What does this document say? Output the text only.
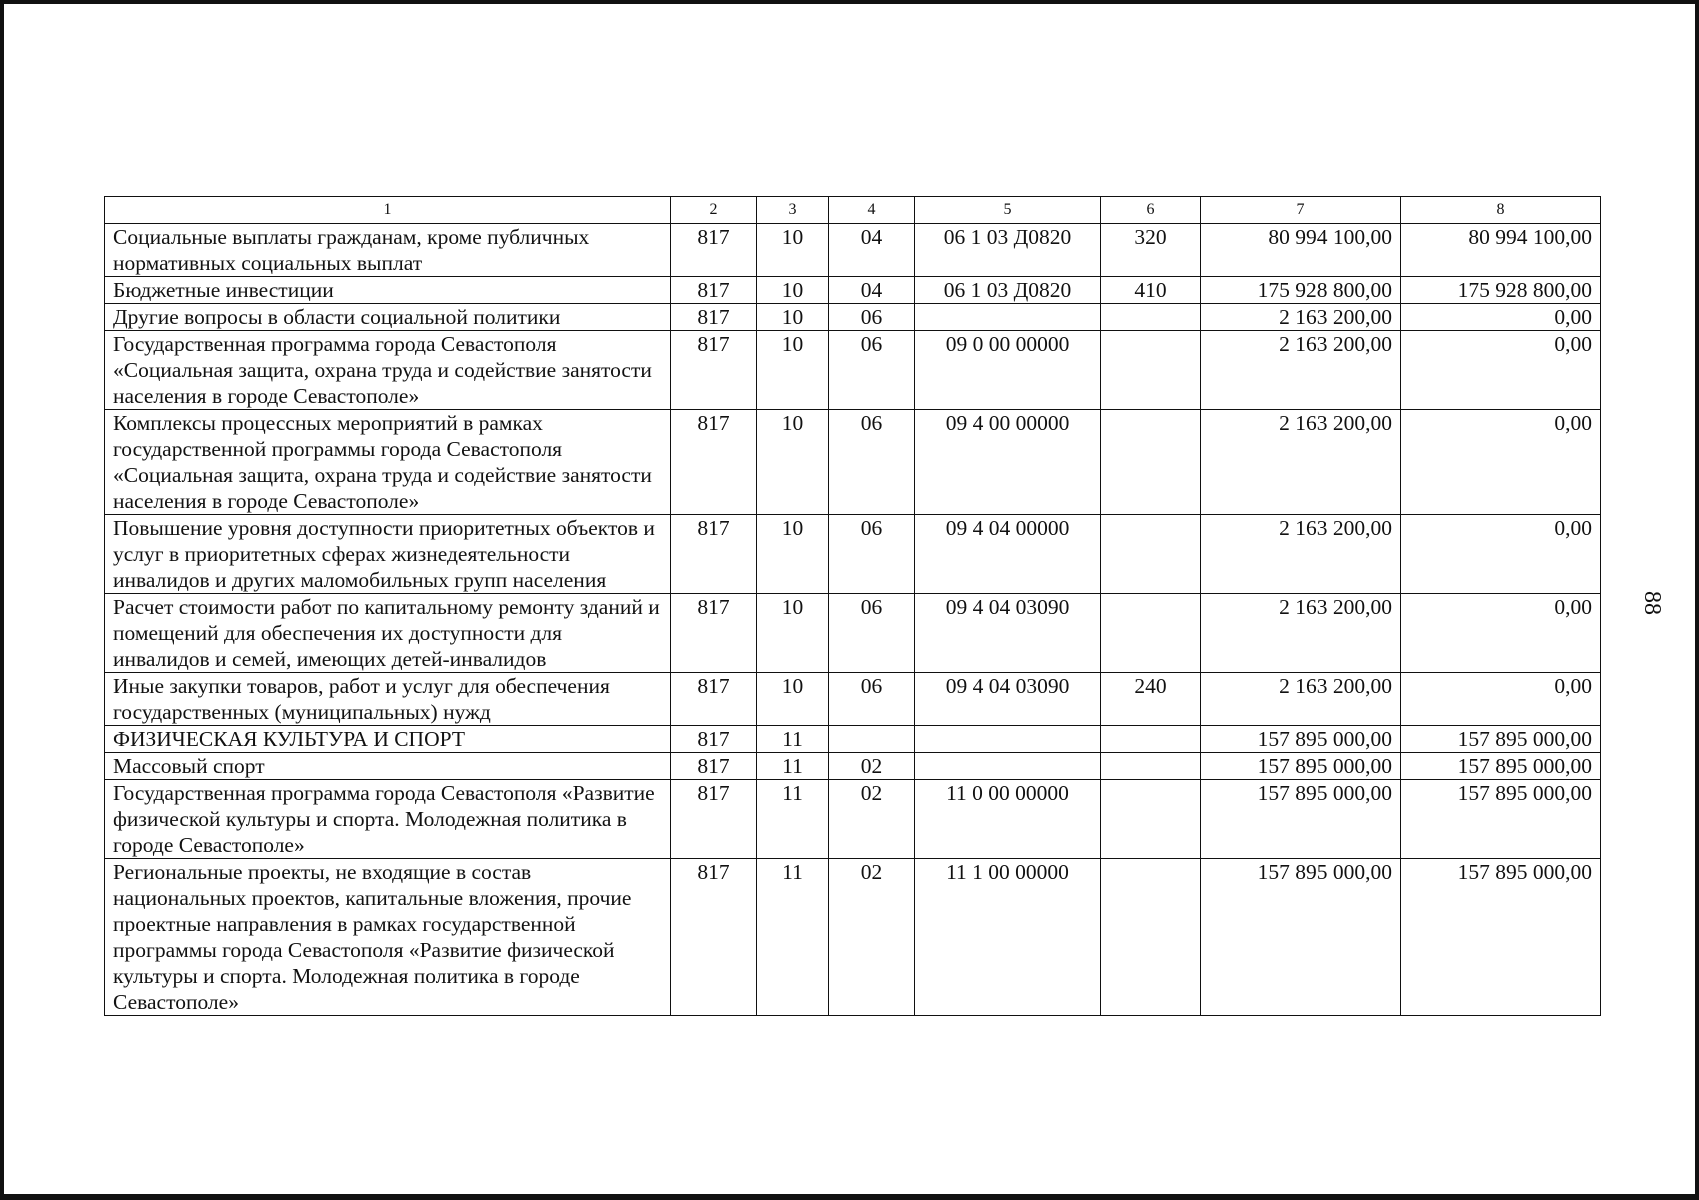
88
1	2	3	4	5	6	7	8
Социальные выплаты гражданам, кроме публичных нормативных социальных выплат	817	10	04	06 1 03 Д0820	320	80 994 100,00	80 994 100,00
Бюджетные инвестиции	817	10	04	06 1 03 Д0820	410	175 928 800,00	175 928 800,00
Другие вопросы в области социальной политики	817	10	06			2 163 200,00	0,00
Государственная программа города Севастополя «Социальная защита, охрана труда и содействие занятости населения в городе Севастополе»	817	10	06	09 0 00 00000		2 163 200,00	0,00
Комплексы процессных мероприятий в рамках государственной программы города Севастополя «Социальная защита, охрана труда и содействие занятости населения в городе Севастополе»	817	10	06	09 4 00 00000		2 163 200,00	0,00
Повышение уровня доступности приоритетных объектов и услуг в приоритетных сферах жизнедеятельности инвалидов и других маломобильных групп населения	817	10	06	09 4 04 00000		2 163 200,00	0,00
Расчет стоимости работ по капитальному ремонту зданий и помещений для обеспечения их доступности для инвалидов и семей, имеющих детей-инвалидов	817	10	06	09 4 04 03090		2 163 200,00	0,00
Иные закупки товаров, работ и услуг для обеспечения государственных (муниципальных) нужд	817	10	06	09 4 04 03090	240	2 163 200,00	0,00
ФИЗИЧЕСКАЯ КУЛЬТУРА И СПОРТ	817	11				157 895 000,00	157 895 000,00
Массовый спорт	817	11	02			157 895 000,00	157 895 000,00
Государственная программа города Севастополя «Развитие физической культуры и спорта. Молодежная политика в городе Севастополе»	817	11	02	11 0 00 00000		157 895 000,00	157 895 000,00
Региональные проекты, не входящие в состав национальных проектов, капитальные вложения, прочие проектные направления в рамках государственной программы города Севастополя «Развитие физической культуры и спорта. Молодежная политика в городе Севастополе»	817	11	02	11 1 00 00000		157 895 000,00	157 895 000,00
